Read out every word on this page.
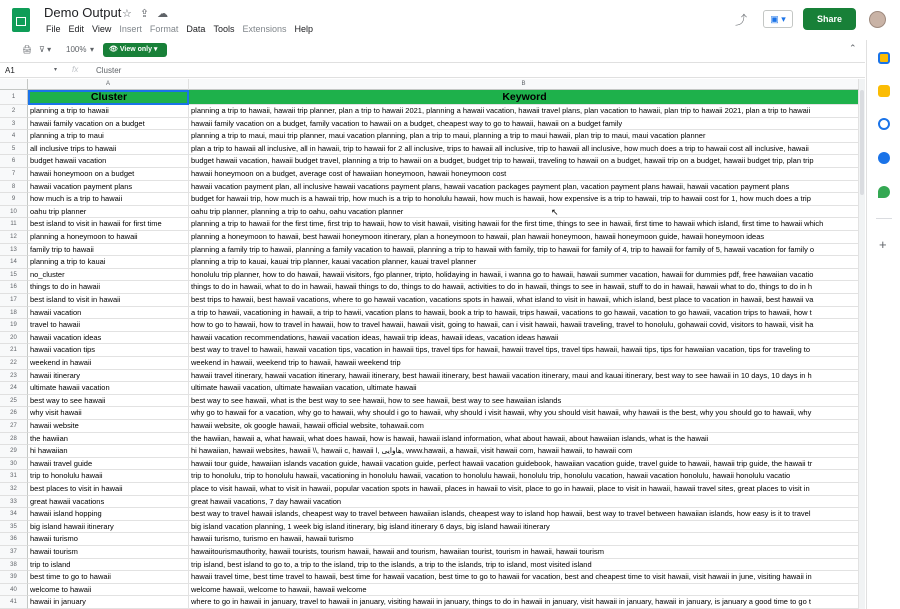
Demo Output ☆ ⇪ ☁
File Edit View Insert Format Data Tools Extensions Help
⤴	▣ ▾	Share
🖨 ⊽ ▾ 100% ▾	👁 View only ▾	⌃
A1	▾ fx Cluster
A	B
1	Cluster	Keyword
2	planning a trip to hawaii	planning a trip to hawaii, hawaii trip planner, plan a trip to hawaii 2021, planning a hawaii vacation, hawaii travel plans, plan vacation to hawaii, plan trip to hawaii 2021, plan a trip to hawaii
3	hawaii family vacation on a budget	hawaii family vacation on a budget, family vacation to hawaii on a budget, cheapest way to go to hawaii, hawaii on a budget family
4	planning a trip to maui	planning a trip to maui, maui trip planner, maui vacation planning, plan a trip to maui, planning a trip to maui hawaii, plan trip to maui, maui vacation planner
5	all inclusive trips to hawaii	plan a trip to hawaii all inclusive, all in hawaii, trip to hawaii for 2 all inclusive, trips to hawaii all inclusive, trip to hawaii all inclusive, how much does a trip to hawaii cost all inclusive, hawaii
6	budget hawaii vacation	budget hawaii vacation, hawaii budget travel, planning a trip to hawaii on a budget, budget trip to hawaii, traveling to hawaii on a budget, hawaii trip on a budget, hawaii budget trip, plan trip
7	hawaii honeymoon on a budget	hawaii honeymoon on a budget, average cost of hawaiian honeymoon, hawaii honeymoon cost
8	hawaii vacation payment plans	hawaii vacation payment plan, all inclusive hawaii vacations payment plans, hawaii vacation packages payment plan, vacation payment plans hawaii, hawaii vacation payment plans
9	how much is a trip to hawaii	budget for hawaii trip, how much is a hawaii trip, how much is a trip to honolulu hawaii, how much is hawaii, how expensive is a trip to hawaii, trip to hawaii cost for 1, how much does a trip
10	oahu trip planner	oahu trip planner, planning a trip to oahu, oahu vacation planner
11	best island to visit in hawaii for first time	planning a trip to hawaii for the first time, first trip to hawaii, how to visit hawaii, visiting hawaii for the first time, things to see in hawaii, first time to hawaii which island, first time to hawaii which
12	planning a honeymoon to hawaii	planning a honeymoon to hawaii, best hawaii honeymoon itinerary, plan a honeymoon to hawaii, plan hawaii honeymoon, hawaii honeymoon guide, hawaii honeymoon ideas
13	family trip to hawaii	planning a family trip to hawaii, planning a family vacation to hawaii, planning a trip to hawaii with family, trip to hawaii for family of 4, trip to hawaii for family of 5, hawaii vacation for family o
14	planning a trip to kauai	planning a trip to kauai, kauai trip planner, kauai vacation planner, kauai travel planner
15	no_cluster	honolulu trip planner, how to do hawaii, hawaii visitors, fgo planner, tripto, holidaying in hawaii, i wanna go to hawaii, hawaii summer vacation, hawaii for dummies pdf, free hawaiian vacatio
16	things to do in hawaii	things to do in hawaii, what to do in hawaii, hawaii things to do, things to do hawaii, activities to do in hawaii, things to see in hawaii, stuff to do in hawaii, hawaii what to do, things to do in h
17	best island to visit in hawaii	best trips to hawaii, best hawaii vacations, where to go hawaii vacation, vacations spots in hawaii, what island to visit in hawaii, which island, best place to vacation in hawaii, best hawaii va
18	hawaii vacation	a trip to hawaii, vacationing in hawaii, a trip to hawii, vacation plans to hawaii, book a trip to hawaii, trips hawaii, vacations to go hawaii, vacation to go hawaii, vacation trips to hawaii, how t
19	travel to hawaii	how to go to hawaii, how to travel in hawaii, how to travel hawaii, hawaii visit, going to hawaii, can i visit hawaii, hawaii traveling, travel to honolulu, gohawaii covid, visitors to hawaii, visit ha
20	hawaii vacation ideas	hawaii vacation recommendations, hawaii vacation ideas, hawaii trip ideas, hawaii ideas, vacation ideas hawaii
21	hawaii vacation tips	best way to travel to hawaii, hawaii vacation tips, vacation in hawaii tips, travel tips for hawaii, hawaii travel tips, travel tips hawaii, hawaii tips, tips for hawaiian vacation, tips for traveling to
22	weekend in hawaii	weekend in hawaii, weekend trip to hawaii, hawaii weekend trip
23	hawaii itinerary	hawaii travel itinerary, hawaii vacation itinerary, hawaii itinerary, best hawaii itinerary, best hawaii vacation itinerary, maui and kauai itinerary, best way to see hawaii in 10 days, 10 days in h
24	ultimate hawaii vacation	ultimate hawaii vacation, ultimate hawaiian vacation, ultimate hawaii
25	best way to see hawaii	best way to see hawaii, what is the best way to see hawaii, how to see hawaii, best way to see hawaiian islands
26	why visit hawaii	why go to hawaii for a vacation, why go to hawaii, why should i go to hawaii, why should i visit hawaii, why you should visit hawaii, why hawaii is the best, why you should go to hawaii, why
27	hawaii website	hawaii website, ok google hawaii, hawaii official website, tohawaii.com
28	the hawiian	the hawiian, hawaii a, what hawaii, what does hawaii, how is hawaii, hawaii island information, what about hawaii, about hawaiian islands, what is the hawaii
29	hi hawaiian	hi hawaiian, hawaii websites, hawaii \\, hawaii c, hawaii l, هاوایی, www.hawaii, a hawaii, visit hawaii com, hawaii hawaii, to hawaii com
30	hawaii travel guide	hawaii tour guide, hawaiian islands vacation guide, hawaii vacation guide, perfect hawaii vacation guidebook, hawaiian vacation guide, travel guide to hawaii, hawaii trip guide, the hawaii tr
31	trip to honolulu hawaii	trip to honolulu, trip to honolulu hawaii, vacationing in honolulu hawaii, vacation to honolulu hawaii, honolulu trip, honolulu vacation, hawaii vacation honolulu, hawaii honolulu vacatio
32	best places to visit in hawaii	place to visit hawaii, what to visit in hawaii, popular vacation spots in hawaii, places in hawaii to visit, place to go in hawaii, place to visit in hawaii, hawaii travel sites, great places to visit in
33	great hawaii vacations	great hawaii vacations, 7 day hawaii vacation
34	hawaii island hopping	best way to travel hawaii islands, cheapest way to travel between hawaiian islands, cheapest way to island hop hawaii, best way to travel between hawaiian islands, how easy is it to travel
35	big island hawaii itinerary	big island vacation planning, 1 week big island itinerary, big island itinerary 6 days, big island hawaii itinerary
36	hawaii turismo	hawaii turismo, turismo en hawaii, hawaii turismo
37	hawaii tourism	hawaiitourismauthority, hawaii tourists, tourism hawaii, hawaii and tourism, hawaiian tourist, tourism in hawaii, hawaii tourism
38	trip to island	trip island, best island to go to, a trip to the island, trip to the islands, a trip to the islands, trip to island, most visited island
39	best time to go to hawaii	hawaii travel time, best time travel to hawaii, best time for hawaii vacation, best time to go to hawaii for vacation, best and cheapest time to visit hawaii, visit hawaii in june, visiting hawaii in
40	welcome to hawaii	welcome hawaii, welcome to hawaii, hawaii welcome
41	hawaii in january	where to go in hawaii in january, travel to hawaii in january, visiting hawaii in january, things to do in hawaii in january, visit hawaii in january, hawaii in january, is january a good time to go t
+
↖
